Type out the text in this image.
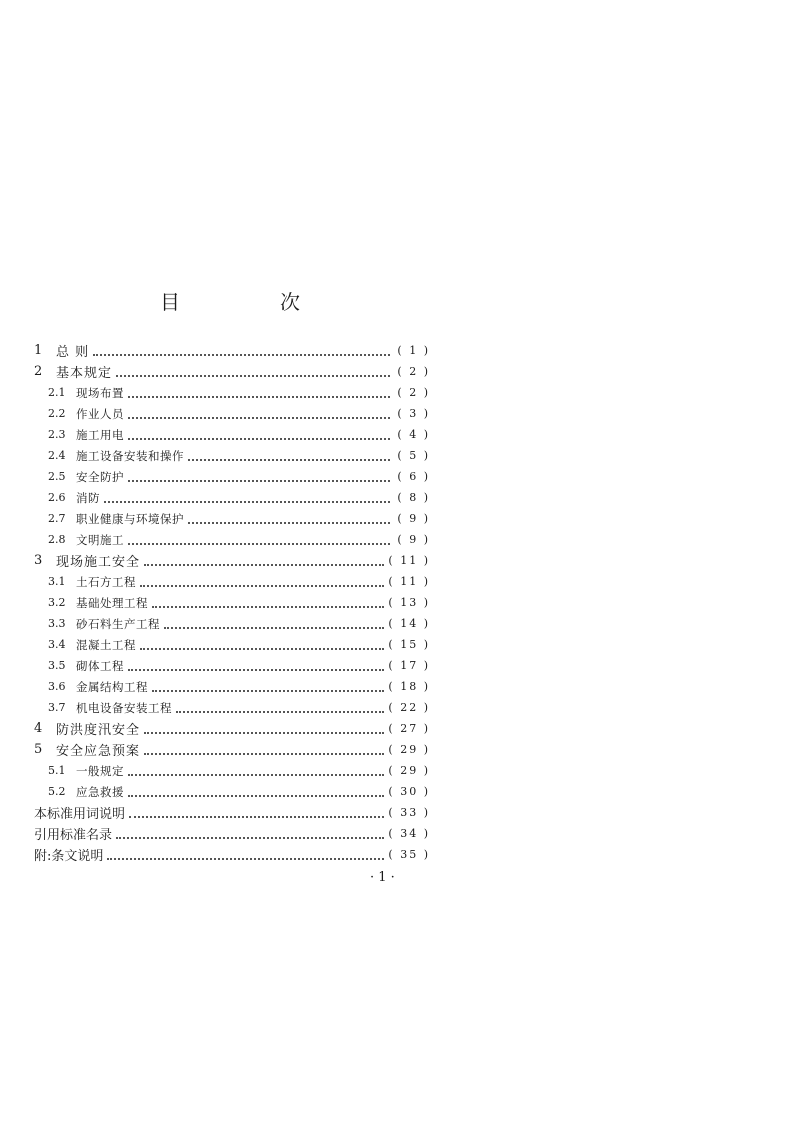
目	次
1	总 则	( 1 )
2	基本规定	( 2 )
2.1 现场布置	( 2 )
2.2 作业人员	( 3 )
2.3 施工用电	( 4 )
2.4 施工设备安装和操作	( 5 )
2.5 安全防护	( 6 )
2.6 消防	( 8 )
2.7 职业健康与环境保护	( 9 )
2.8 文明施工	( 9 )
3	现场施工安全	( 11 )
3.1 土石方工程	( 11 )
3.2 基础处理工程	( 13 )
3.3 砂石料生产工程	( 14 )
3.4 混凝土工程	( 15 )
3.5 砌体工程	( 17 )
3.6 金属结构工程	( 18 )
3.7 机电设备安装工程	( 22 )
4	防洪度汛安全	( 27 )
5	安全应急预案	( 29 )
5.1 一般规定	( 29 )
5.2 应急救援	( 30 )
本标准用词说明	( 33 )
引用标准名录	( 34 )
附:条文说明	( 35 )
· 1 ·
